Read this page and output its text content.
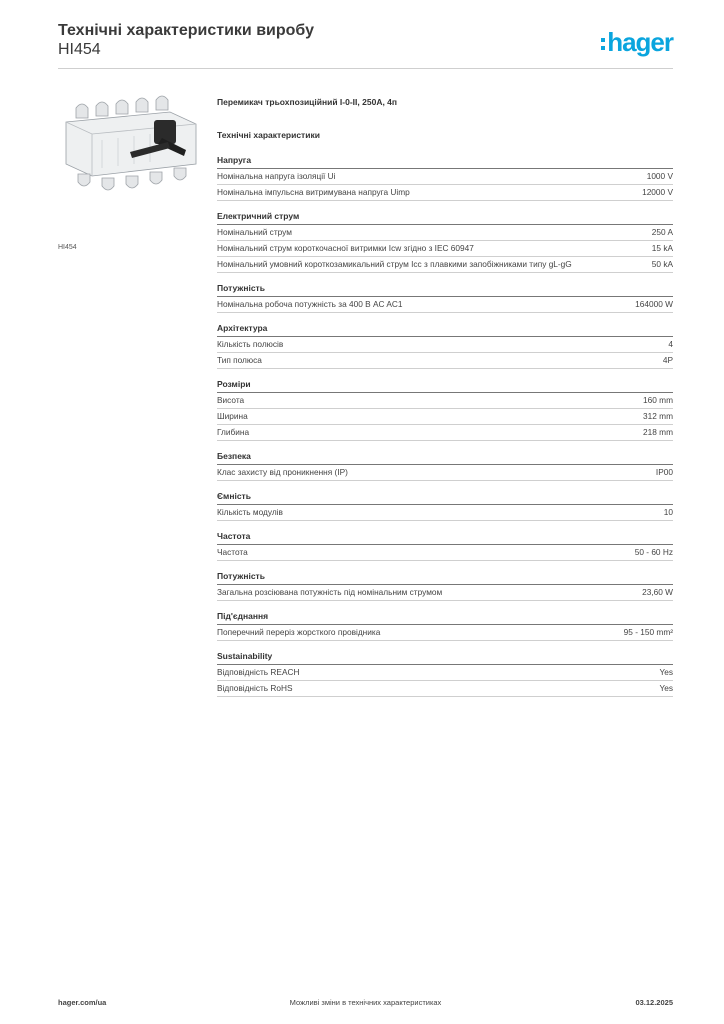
Технічні характеристики виробу
HI454	hager
HI454
Перемикач трьохпозиційний I-0-II, 250A, 4п
Технічні характеристики
Напруга
Номінальна напруга ізоляції Ui	1000 V
Номінальна імпульсна витримувана напруга Uimp	12000 V
Електричний струм
Номінальний струм	250 A
Номінальний струм короткочасної витримки Icw згідно з IEC 60947	15 kA
Номінальний умовний короткозамикальний струм Icc з плавкими запобіжниками типу gL-gG	50 kA
Потужність
Номінальна робоча потужність за 400 В AC AC1	164000 W
Архітектура
Кількість полюсів	4
Тип полюса	4P
Розміри
Висота	160 mm
Ширина	312 mm
Глибина	218 mm
Безпека
Клас захисту від проникнення (IP)	IP00
Ємність
Кількість модулів	10
Частота
Частота	50 - 60 Hz
Потужність
Загальна розсіювана потужність під номінальним струмом	23,60 W
Під'єднання
Поперечний переріз жорсткого провідника	95 - 150 mm²
Sustainability
Відповідність REACH	Yes
Відповідність RoHS	Yes
hager.com/ua	Можливі зміни в технічних характеристиках	03.12.2025
